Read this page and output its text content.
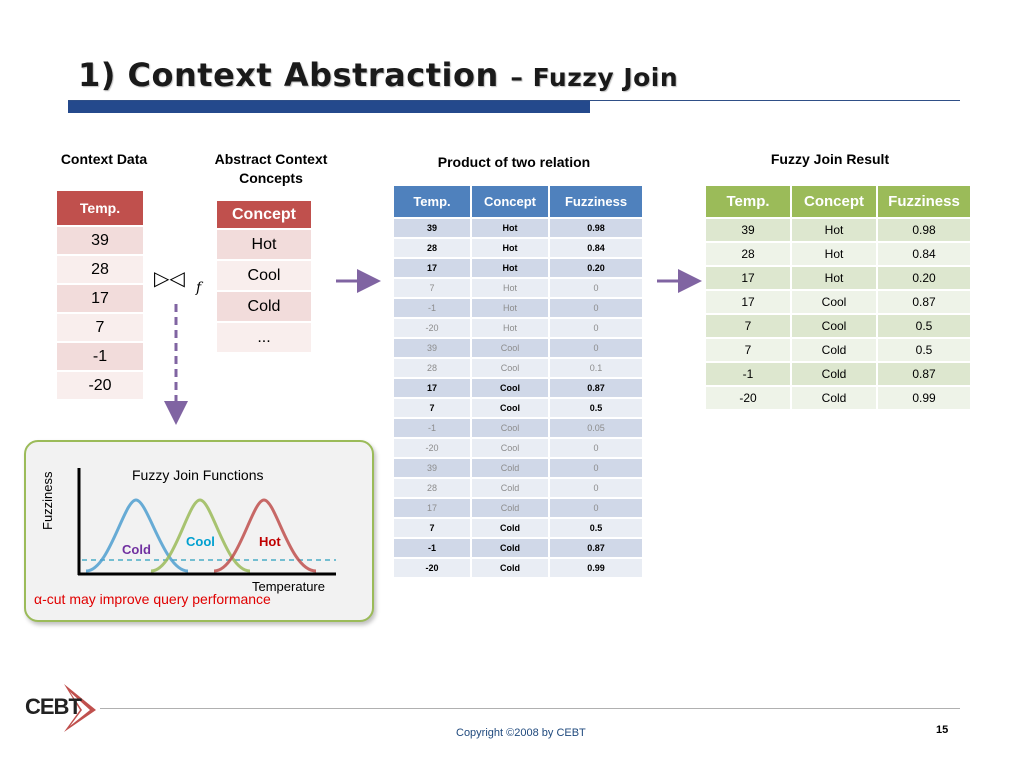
1) Context Abstraction – Fuzzy Join
Context Data	Abstract Context
Concepts
Product of two relation	Fuzzy Join Result
Temp.
39
28
17
7
-1
-20
Concept
Hot
Cool
Cold
...
▷◁ f
Temp.	Concept	Fuzziness
39	Hot	0.98
28	Hot	0.84
17	Hot	0.20
7	Hot	0
-1	Hot	0
-20	Hot	0
39	Cool	0
28	Cool	0.1
17	Cool	0.87
7	Cool	0.5
-1	Cool	0.05
-20	Cool	0
39	Cold	0
28	Cold	0
17	Cold	0
7	Cold	0.5
-1	Cold	0.87
-20	Cold	0.99
Temp.	Concept	Fuzziness
39	Hot	0.98
28	Hot	0.84
17	Hot	0.20
17	Cool	0.87
7	Cool	0.5
7	Cold	0.5
-1	Cold	0.87
-20	Cold	0.99
Fuzzy Join Functions
Fuzziness
Temperature
Cold
Cool	Hot
α-cut may improve query performance
CEBT
Copyright ©2008 by CEBT	15
